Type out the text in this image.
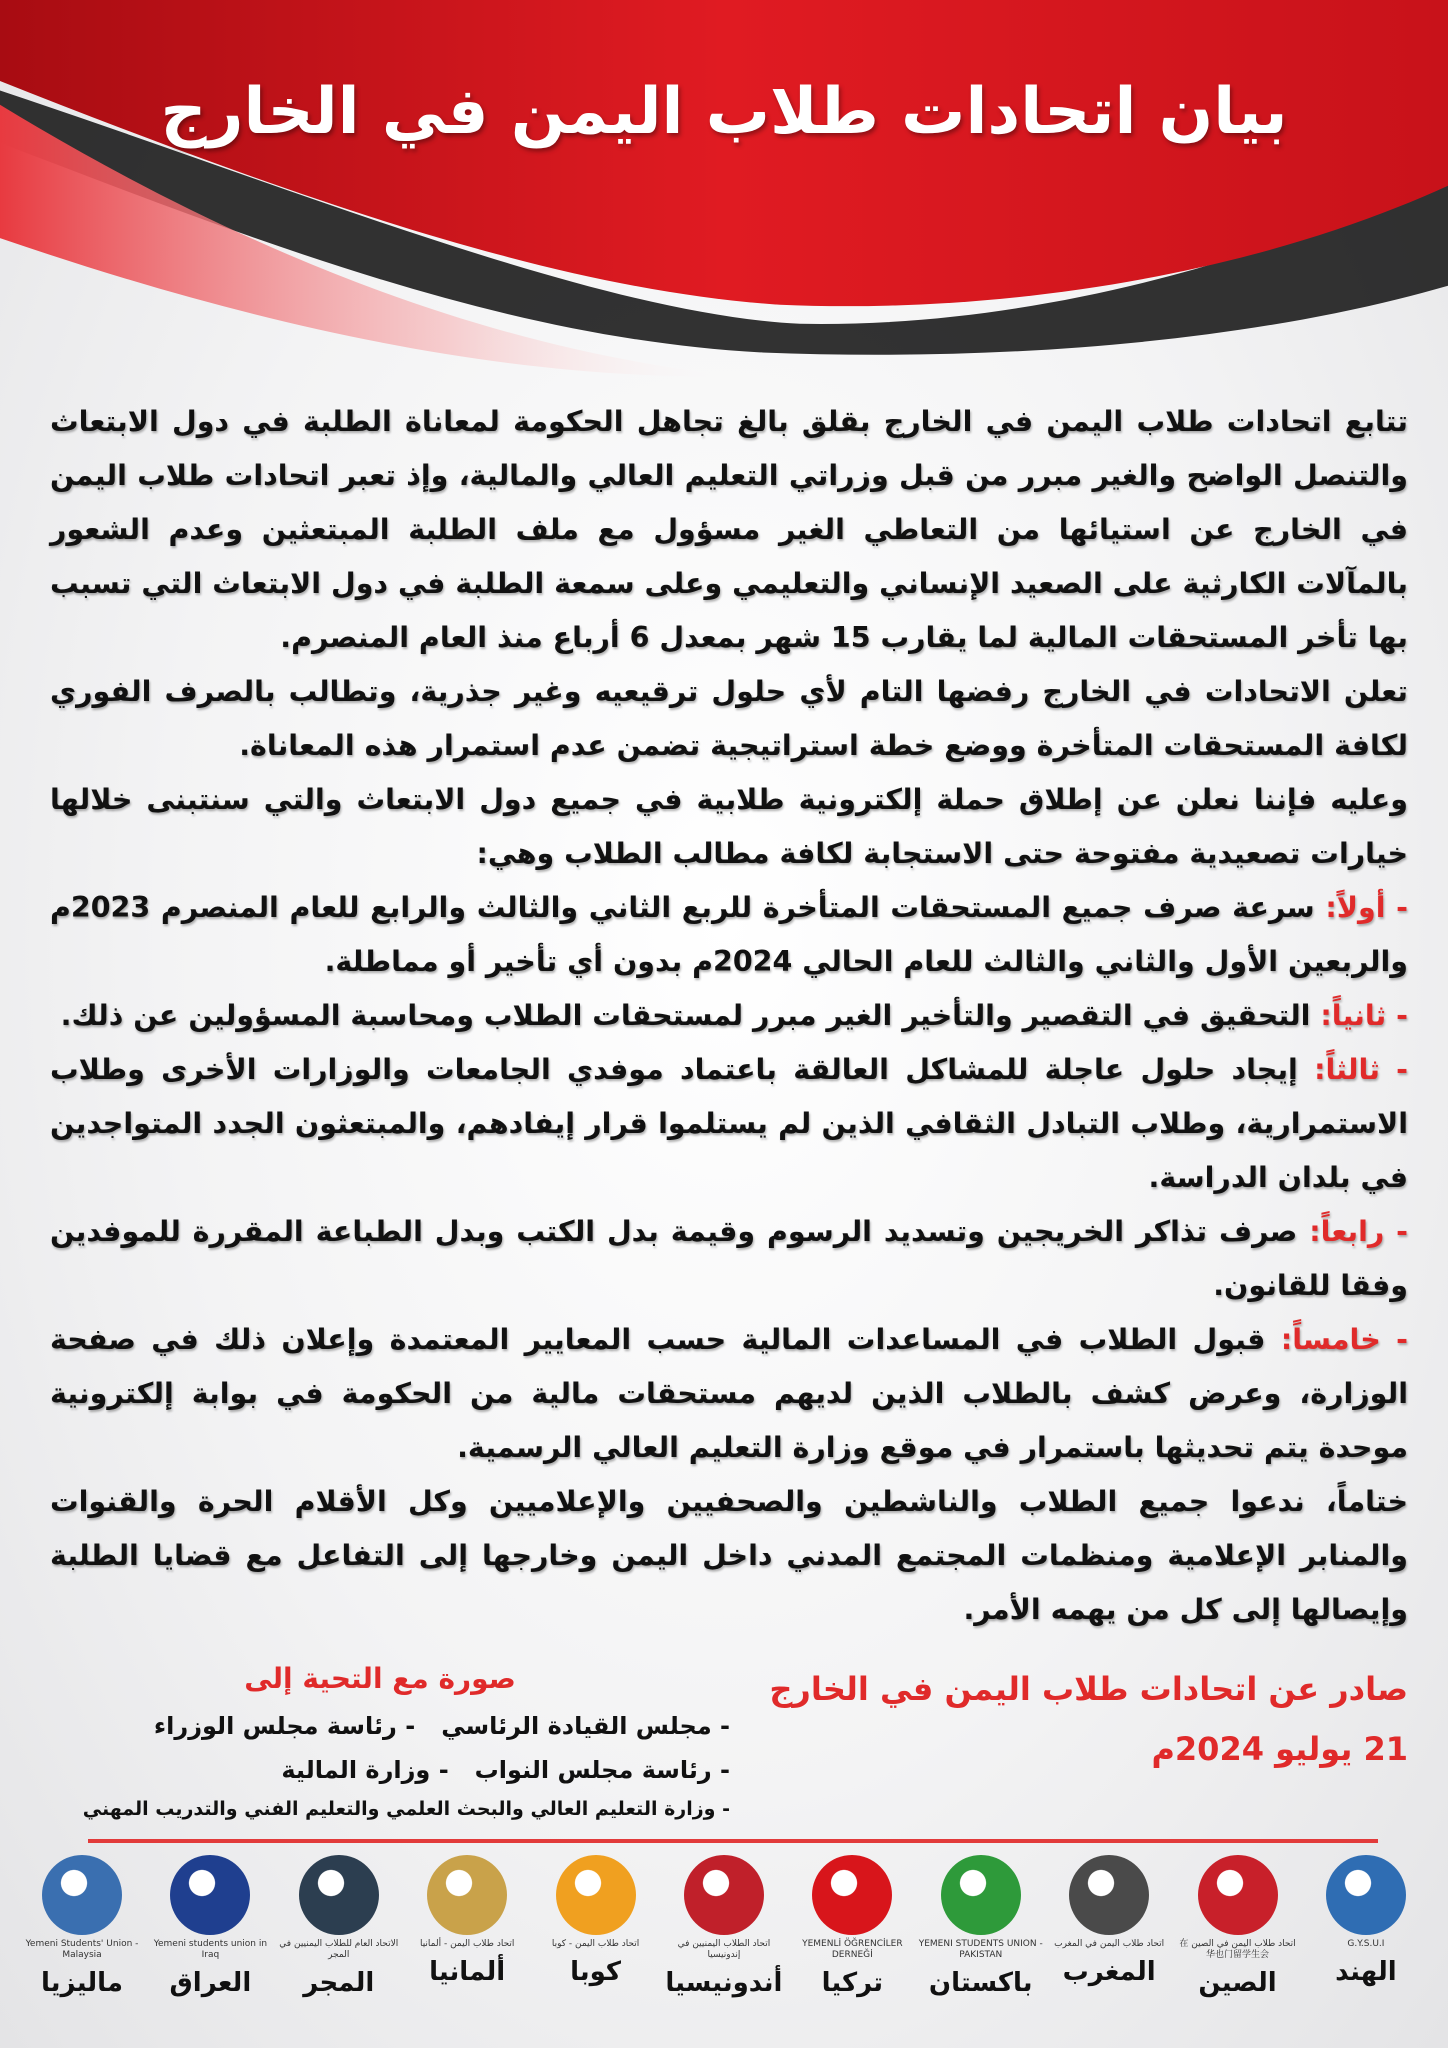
بيان اتحادات طلاب اليمن في الخارج

تتابع اتحادات طلاب اليمن في الخارج بقلق بالغ تجاهل الحكومة لمعاناة الطلبة في دول الابتعاث والتنصل الواضح والغير مبرر من قبل وزراتي التعليم العالي والمالية، وإذ تعبر اتحادات طلاب اليمن في الخارج عن استيائها من التعاطي الغير مسؤول مع ملف الطلبة المبتعثين وعدم الشعور بالمآلات الكارثية على الصعيد الإنساني والتعليمي وعلى سمعة الطلبة في دول الابتعاث التي تسبب بها تأخر المستحقات المالية لما يقارب 15 شهر بمعدل 6 أرباع منذ العام المنصرم.

تعلن الاتحادات في الخارج رفضها التام لأي حلول ترقيعيه وغير جذرية، وتطالب بالصرف الفوري لكافة المستحقات المتأخرة ووضع خطة استراتيجية تضمن عدم استمرار هذه المعاناة.

وعليه فإننا نعلن عن إطلاق حملة إلكترونية طلابية في جميع دول الابتعاث والتي سنتبنى خلالها خيارات تصعيدية مفتوحة حتى الاستجابة لكافة مطالب الطلاب وهي:

- أولاً: سرعة صرف جميع المستحقات المتأخرة للربع الثاني والثالث والرابع للعام المنصرم 2023م والربعين الأول والثاني والثالث للعام الحالي 2024م بدون أي تأخير أو مماطلة.

- ثانياً: التحقيق في التقصير والتأخير الغير مبرر لمستحقات الطلاب ومحاسبة المسؤولين عن ذلك.

- ثالثاً: إيجاد حلول عاجلة للمشاكل العالقة باعتماد موفدي الجامعات والوزارات الأخرى وطلاب الاستمرارية، وطلاب التبادل الثقافي الذين لم يستلموا قرار إيفادهم، والمبتعثون الجدد المتواجدين في بلدان الدراسة.

- رابعاً: صرف تذاكر الخريجين وتسديد الرسوم وقيمة بدل الكتب وبدل الطباعة المقررة للموفدين وفقا للقانون.

- خامساً: قبول الطلاب في المساعدات المالية حسب المعايير المعتمدة وإعلان ذلك في صفحة الوزارة، وعرض كشف بالطلاب الذين لديهم مستحقات مالية من الحكومة في بوابة إلكترونية موحدة يتم تحديثها باستمرار في موقع وزارة التعليم العالي الرسمية.

ختاماً، ندعوا جميع الطلاب والناشطين والصحفيين والإعلاميين وكل الأقلام الحرة والقنوات والمنابر الإعلامية ومنظمات المجتمع المدني داخل اليمن وخارجها إلى التفاعل مع قضايا الطلبة وإيصالها إلى كل من يهمه الأمر.

صورة مع التحية إلى
- مجلس القيادة الرئاسي
- رئاسة مجلس الوزراء
- رئاسة مجلس النواب
- وزارة المالية
- وزارة التعليم العالي والبحث العلمي والتعليم الفني والتدريب المهني
صادر عن اتحادات طلاب اليمن في الخارج
21 يوليو 2024م
G.Y.S.U.I
الهند
اتحاد طلاب اليمن في الصين 在华也门留学生会
الصين
اتحاد طلاب اليمن في المغرب
المغرب
YEMENI STUDENTS UNION - PAKISTAN
باكستان
YEMENLİ ÖĞRENCİLER DERNEĞİ
تركيا
اتحاد الطلاب اليمنيين في إندونيسيا
أندونيسيا
اتحاد طلاب اليمن - كوبا
كوبا
اتحاد طلاب اليمن - ألمانيا
ألمانيا
الاتحاد العام للطلاب اليمنيين في المجر
المجر
Yemeni students union in Iraq
العراق
Yemeni Students' Union - Malaysia
ماليزيا
